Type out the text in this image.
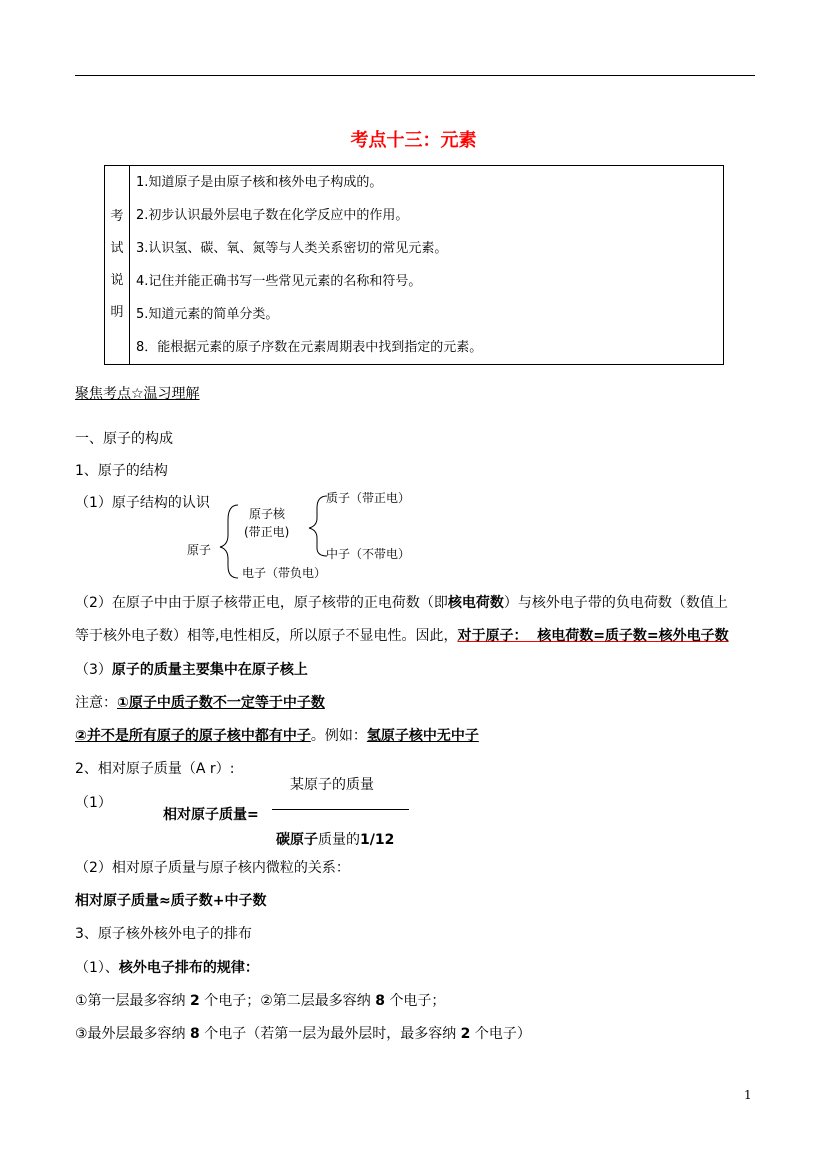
考点十三：元素
考
试
说
明

1.知道原子是由原子核和核外电子构成的。
2.初步认识最外层电子数在化学反应中的作用。
3.认识氢、碳、氧、氮等与人类关系密切的常见元素。
4.记住并能正确书写一些常见元素的名称和符号。
5.知道元素的简单分类。
8．能根据元素的原子序数在元素周期表中找到指定的元素。
聚焦考点☆温习理解
一、原子的构成
1、原子的结构
（1）原子结构的认识
原子
原子核
(带正电)
电子（带负电）
质子（带正电）
中子（不带电）
（2）在原子中由于原子核带正电，原子核带的正电荷数（即核电荷数）与核外电子带的负电荷数（数值上
等于核外电子数）相等,电性相反，所以原子不显电性。因此，对于原子： 核电荷数=质子数=核外电子数
（3）原子的质量主要集中在原子核上
注意：①原子中质子数不一定等于中子数
②并不是所有原子的原子核中都有中子。例如：氢原子核中无中子
2、相对原子质量（A r）:
某原子的质量
（1）
相对原子质量=
碳原子质量的1/12
（2）相对原子质量与原子核内微粒的关系：
相对原子质量≈质子数+中子数
3、原子核外核外电子的排布
（1）、核外电子排布的规律：
①第一层最多容纳 2 个电子；②第二层最多容纳 8 个电子；
③最外层最多容纳 8 个电子（若第一层为最外层时，最多容纳 2 个电子）
1
